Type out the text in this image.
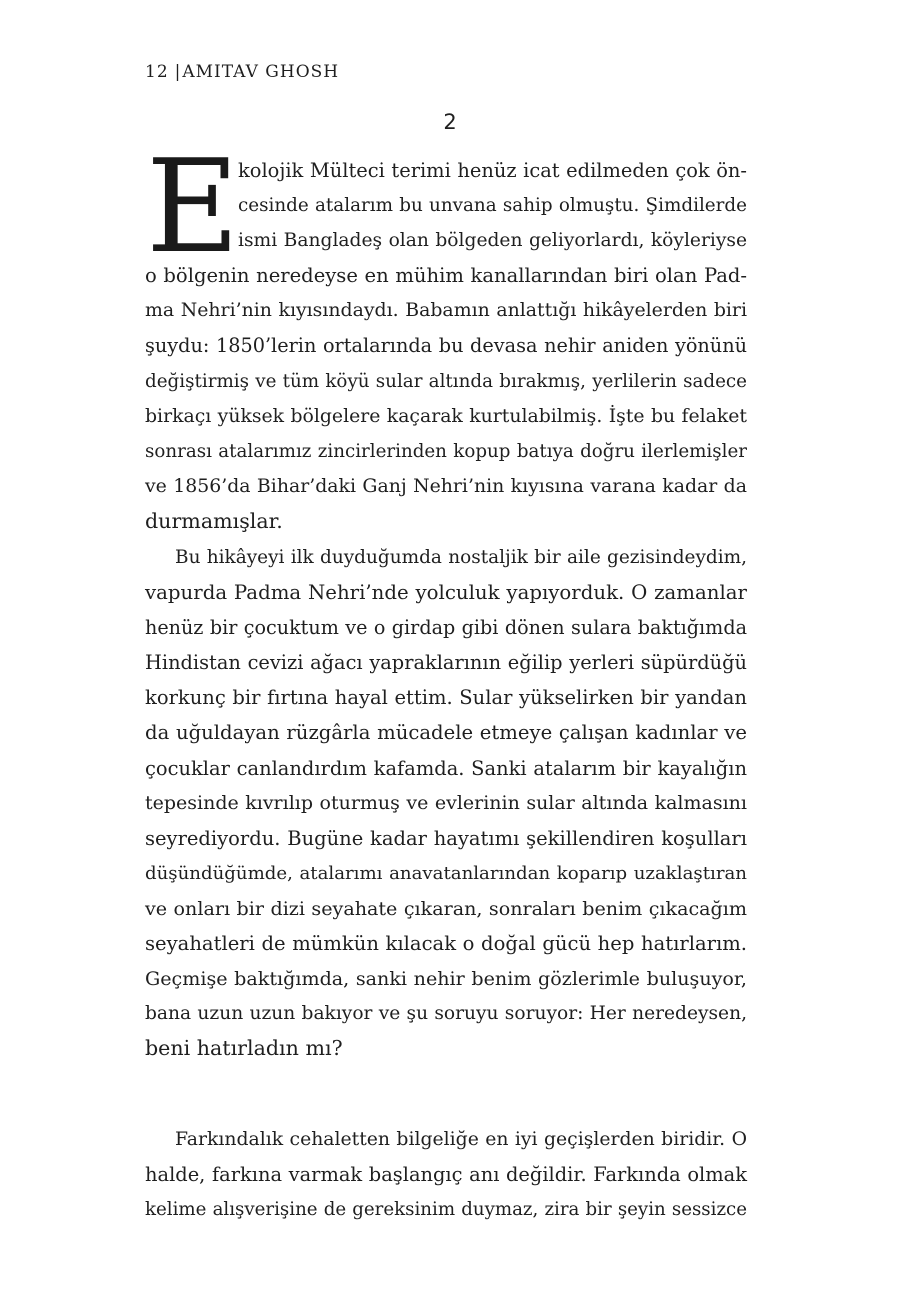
12 |AMITAV GHOSH
2
E
kolojik Mülteci terimi henüz icat edilmeden çok ön-
cesinde atalarım bu unvana sahip olmuştu. Şimdilerde
ismi Bangladeş olan bölgeden geliyorlardı, köyleriyse
o bölgenin neredeyse en mühim kanallarından biri olan Pad-
ma Nehri’nin kıyısındaydı. Babamın anlattığı hikâyelerden biri
şuydu: 1850’lerin ortalarında bu devasa nehir aniden yönünü
değiştirmiş ve tüm köyü sular altında bırakmış, yerlilerin sadece
birkaçı yüksek bölgelere kaçarak kurtulabilmiş. İşte bu felaket
sonrası atalarımız zincirlerinden kopup batıya doğru ilerlemişler
ve 1856’da Bihar’daki Ganj Nehri’nin kıyısına varana kadar da
durmamışlar.
Bu hikâyeyi ilk duyduğumda nostaljik bir aile gezisindeydim,
vapurda Padma Nehri’nde yolculuk yapıyorduk. O zamanlar
henüz bir çocuktum ve o girdap gibi dönen sulara baktığımda
Hindistan cevizi ağacı yapraklarının eğilip yerleri süpürdüğü
korkunç bir fırtına hayal ettim. Sular yükselirken bir yandan
da uğuldayan rüzgârla mücadele etmeye çalışan kadınlar ve
çocuklar canlandırdım kafamda. Sanki atalarım bir kayalığın
tepesinde kıvrılıp oturmuş ve evlerinin sular altında kalmasını
seyrediyordu. Bugüne kadar hayatımı şekillendiren koşulları
düşündüğümde, atalarımı anavatanlarından koparıp uzaklaştıran
ve onları bir dizi seyahate çıkaran, sonraları benim çıkacağım
seyahatleri de mümkün kılacak o doğal gücü hep hatırlarım.
Geçmişe baktığımda, sanki nehir benim gözlerimle buluşuyor,
bana uzun uzun bakıyor ve şu soruyu soruyor: Her neredeysen,
beni hatırladın mı?
Farkındalık cehaletten bilgeliğe en iyi geçişlerden biridir. O
halde, farkına varmak başlangıç anı değildir. Farkında olmak
kelime alışverişine de gereksinim duymaz, zira bir şeyin sessizce
